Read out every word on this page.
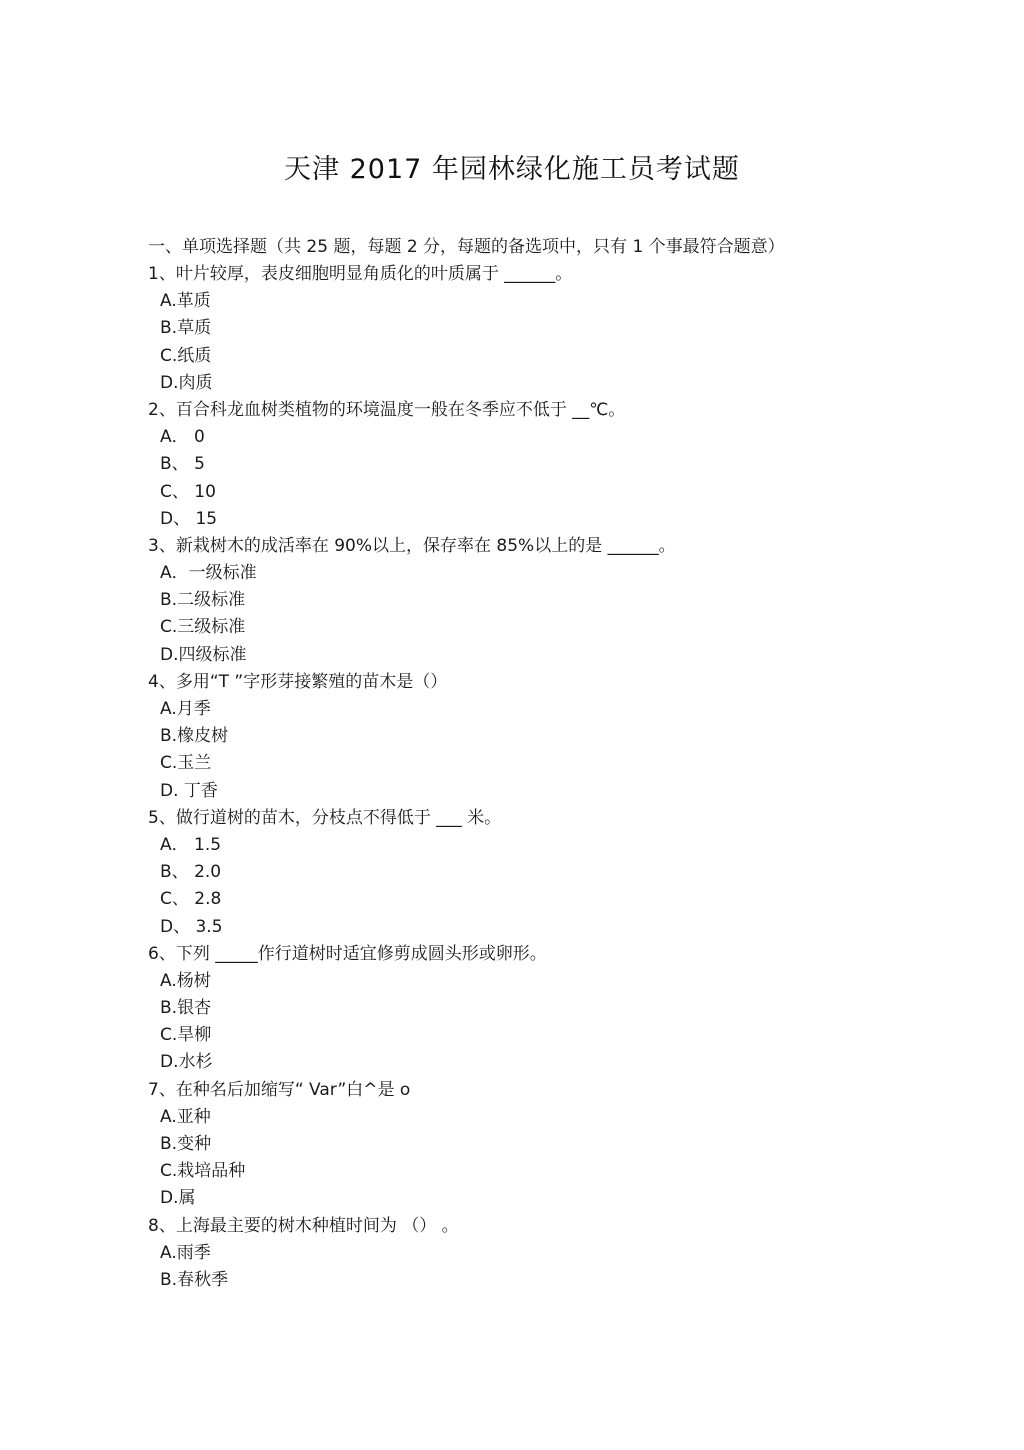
天津 2017 年园林绿化施工员考试题
一、单项选择题（共 25 题，每题 2 分，每题的备选项中，只有 1 个事最符合题意）
1、叶片较厚，表皮细胞明显角质化的叶质属于 ______。
A.革质
B.草质
C.纸质
D.肉质
2、百合科龙血树类植物的环境温度一般在冬季应不低于 __℃。
A． 0
B、 5
C、 10
D、 15
3、新栽树木的成活率在 90%以上，保存率在 85%以上的是 ______。
A．一级标准
B.二级标准
C.三级标准
D.四级标准
4、多用“T ”字形芽接繁殖的苗木是（）
A.月季
B.橡皮树
C.玉兰
D. 丁香
5、做行道树的苗木，分枝点不得低于 ___ 米。
A． 1.5
B、 2.0
C、 2.8
D、 3.5
6、下列 _____作行道树时适宜修剪成圆头形或卵形。
A.杨树
B.银杏
C.旱柳
D.水杉
7、在种名后加缩写“ Var”白^是 o
A.亚种
B.变种
C.栽培品种
D.属
8、上海最主要的树木种植时间为 （） 。
A.雨季
B.春秋季
